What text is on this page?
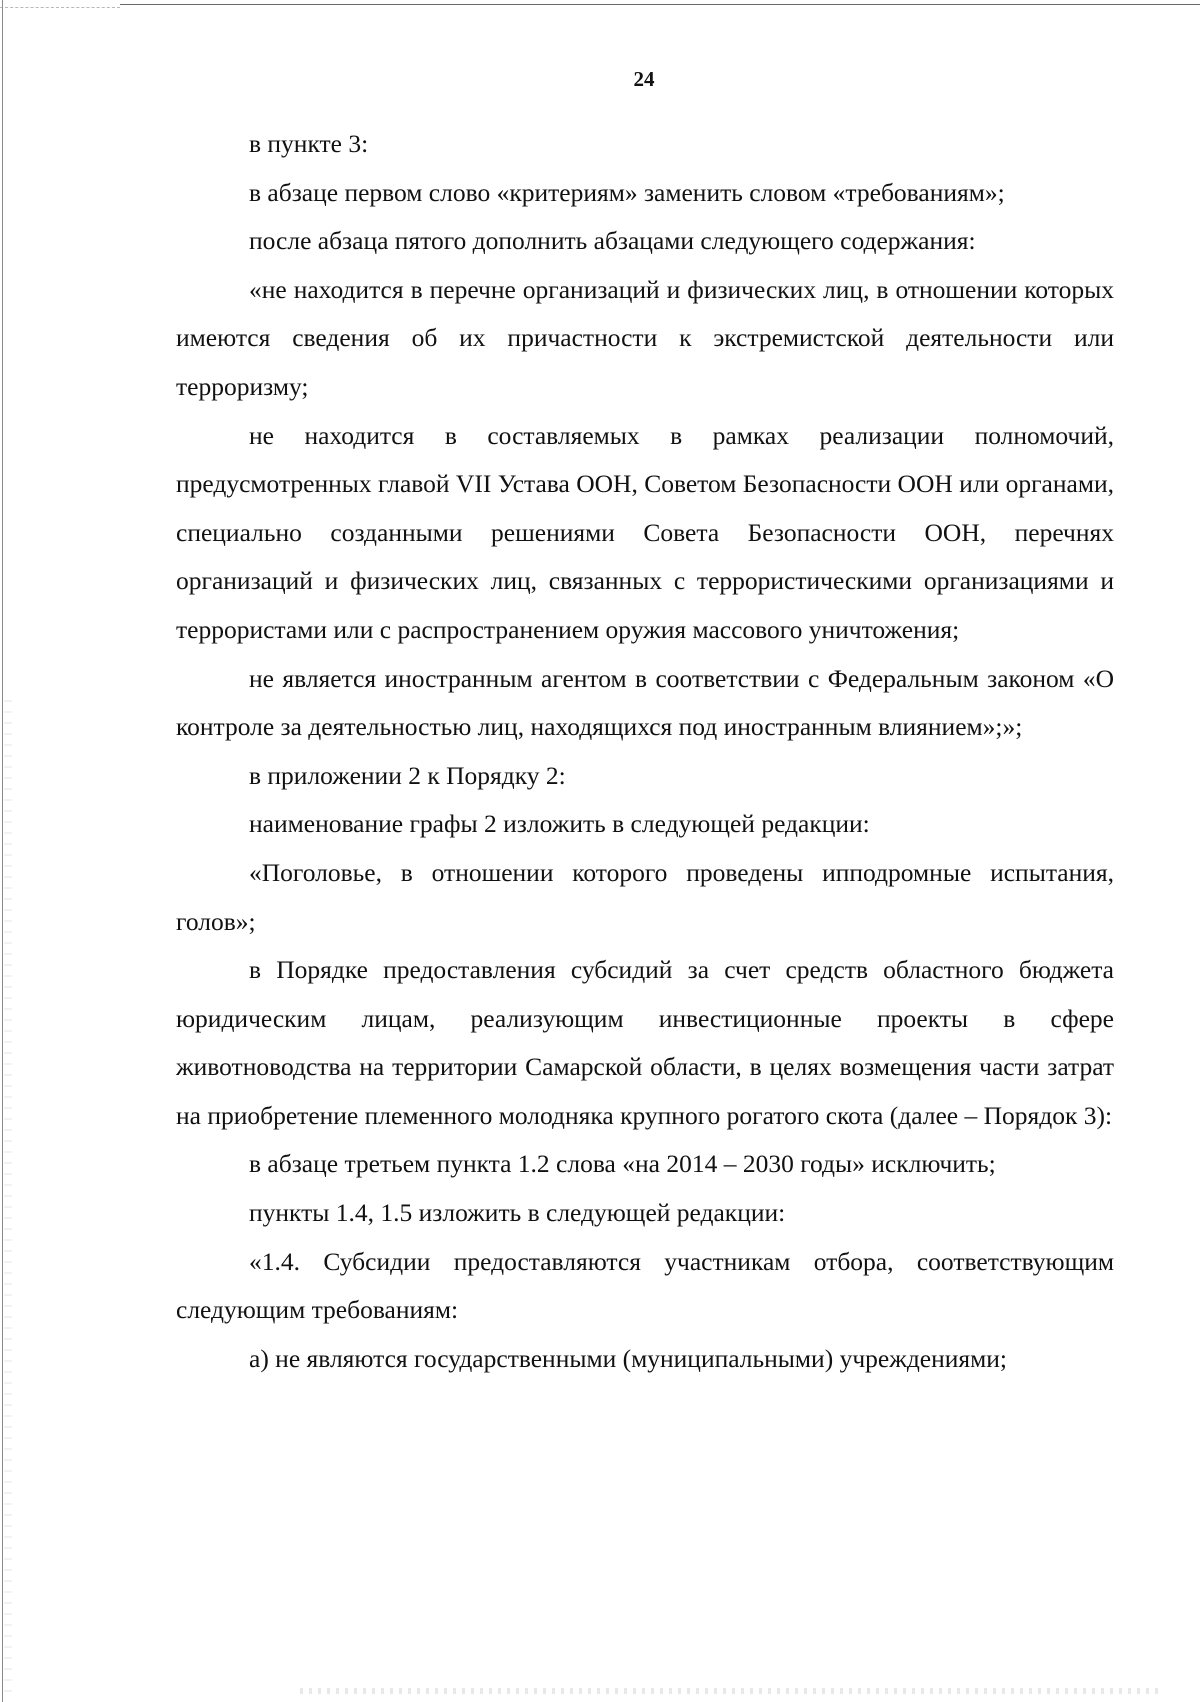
24

в пункте 3:

в абзаце первом слово «критериям» заменить словом «требованиям»;

после абзаца пятого дополнить абзацами следующего содержания:

«не находится в перечне организаций и физических лиц, в отношении которых имеются сведения об их причастности к экстремистской деятельности или терроризму;

не находится в составляемых в рамках реализации полномочий, предусмотренных главой VII Устава ООН, Советом Безопасности ООН или органами, специально созданными решениями Совета Безопасности ООН, перечнях организаций и физических лиц, связанных с террористическими организациями и террористами или с распространением оружия массового уничтожения;

не является иностранным агентом в соответствии с Федеральным законом «О контроле за деятельностью лиц, находящихся под иностранным влиянием»;»;

в приложении 2 к Порядку 2:

наименование графы 2 изложить в следующей редакции:

«Поголовье, в отношении которого проведены ипподромные испытания, голов»;

в Порядке предоставления субсидий за счет средств областного бюджета юридическим лицам, реализующим инвестиционные проекты в сфере животноводства на территории Самарской области, в целях возмещения части затрат на приобретение племенного молодняка крупного рогатого скота (далее – Порядок 3):

в абзаце третьем пункта 1.2 слова «на 2014 – 2030 годы» исключить;

пункты 1.4, 1.5 изложить в следующей редакции:

«1.4. Субсидии предоставляются участникам отбора, соответствующим следующим требованиям:

а) не являются государственными (муниципальными) учреждениями;
